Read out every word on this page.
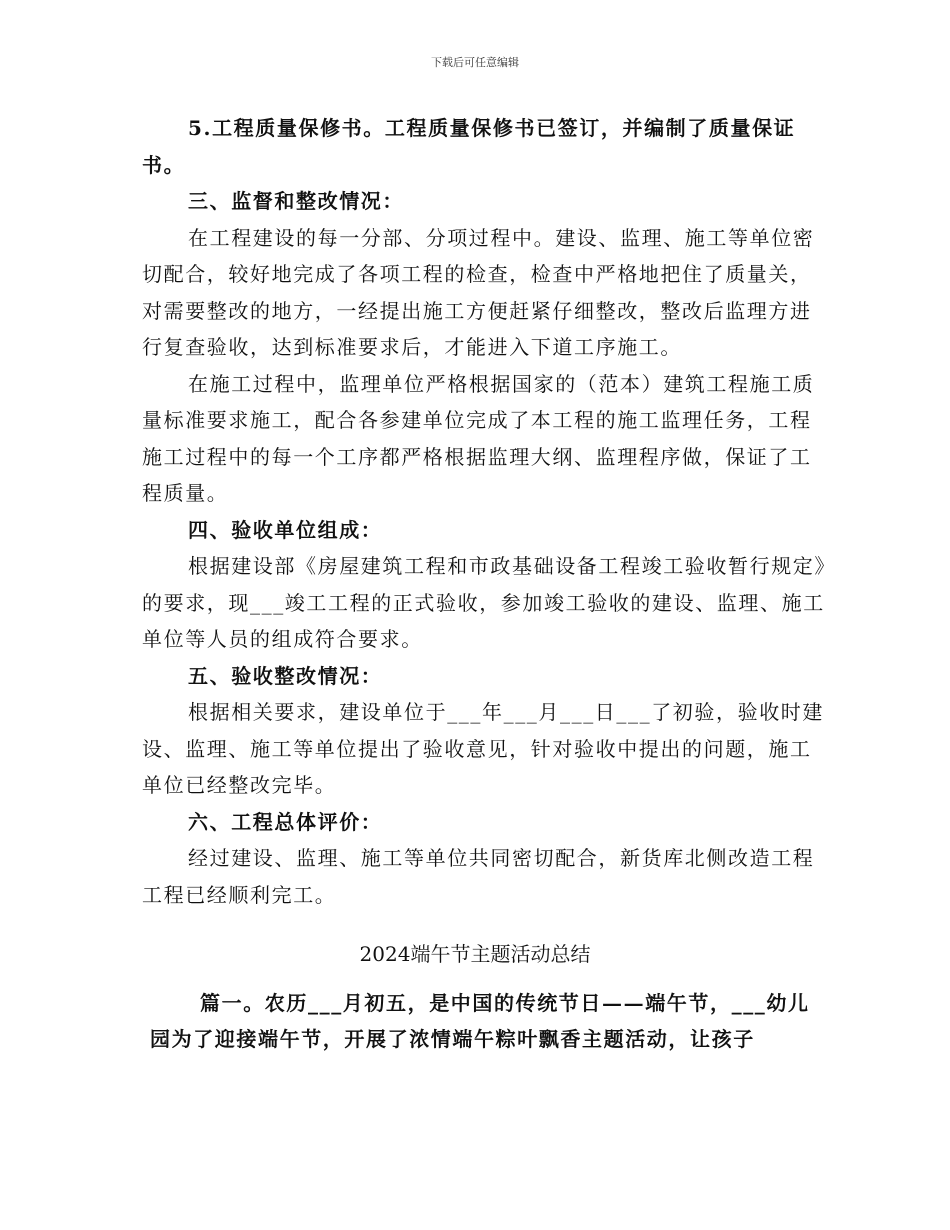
下载后可任意编辑

5.工程质量保修书。工程质量保修书已签订，并编制了质量保证书。

三、监督和整改情况：

在工程建设的每一分部、分项过程中。建设、监理、施工等单位密切配合，较好地完成了各项工程的检查，检查中严格地把住了质量关，对需要整改的地方，一经提出施工方便赶紧仔细整改，整改后监理方进行复查验收，达到标准要求后，才能进入下道工序施工。

在施工过程中，监理单位严格根据国家的（范本）建筑工程施工质量标准要求施工，配合各参建单位完成了本工程的施工监理任务，工程施工过程中的每一个工序都严格根据监理大纲、监理程序做，保证了工程质量。

四、验收单位组成：

根据建设部《房屋建筑工程和市政基础设备工程竣工验收暂行规定》的要求，现___竣工工程的正式验收，参加竣工验收的建设、监理、施工单位等人员的组成符合要求。

五、验收整改情况：

根据相关要求，建设单位于___年___月___日___了初验，验收时建设、监理、施工等单位提出了验收意见，针对验收中提出的问题，施工单位已经整改完毕。

六、工程总体评价：

经过建设、监理、施工等单位共同密切配合，新货库北侧改造工程工程已经顺利完工。

2024端午节主题活动总结

篇一。农历___月初五，是中国的传统节日——端午节，___幼儿园为了迎接端午节，开展了浓情端午粽叶飘香主题活动，让孩子
